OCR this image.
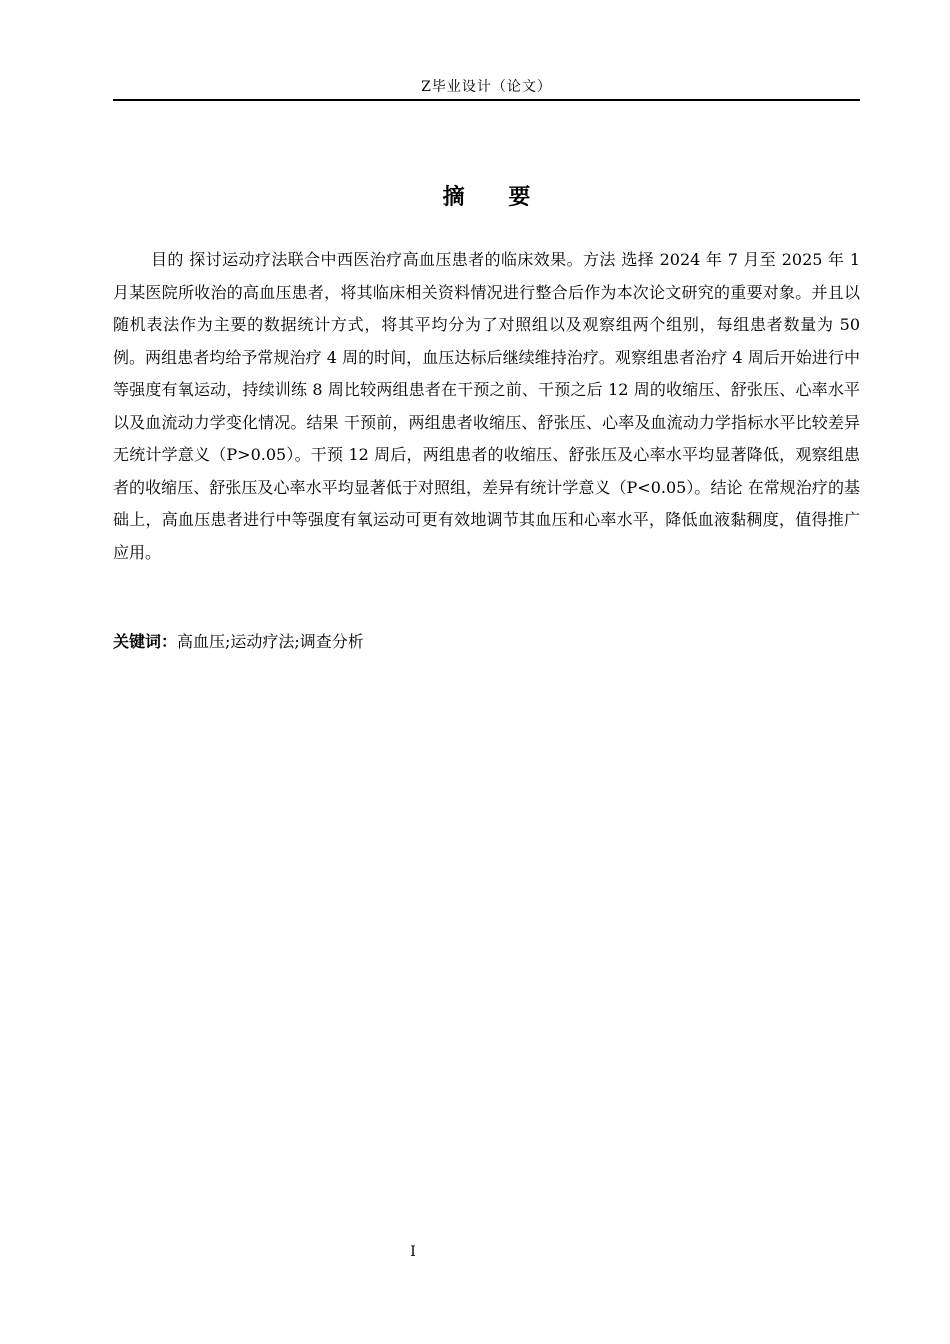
Z毕业设计（论文）
摘 要

目的 探讨运动疗法联合中西医治疗高血压患者的临床效果。方法 选择 2024 年 7 月至 2025 年 1 月某医院所收治的高血压患者，将其临床相关资料情况进行整合后作为本次论文研究的重要对象。并且以随机表法作为主要的数据统计方式，将其平均分为了对照组以及观察组两个组别，每组患者数量为 50 例。两组患者均给予常规治疗 4 周的时间，血压达标后继续维持治疗。观察组患者治疗 4 周后开始进行中等强度有氧运动，持续训练 8 周比较两组患者在干预之前、干预之后 12 周的收缩压、舒张压、心率水平以及血流动力学变化情况。结果 干预前，两组患者收缩压、舒张压、心率及血流动力学指标水平比较差异无统计学意义（P>0.05）。干预 12 周后，两组患者的收缩压、舒张压及心率水平均显著降低，观察组患者的收缩压、舒张压及心率水平均显著低于对照组，差异有统计学意义（P<0.05）。结论 在常规治疗的基础上，高血压患者进行中等强度有氧运动可更有效地调节其血压和心率水平，降低血液黏稠度，值得推广应用。

关键词：高血压;运动疗法;调查分析
I
